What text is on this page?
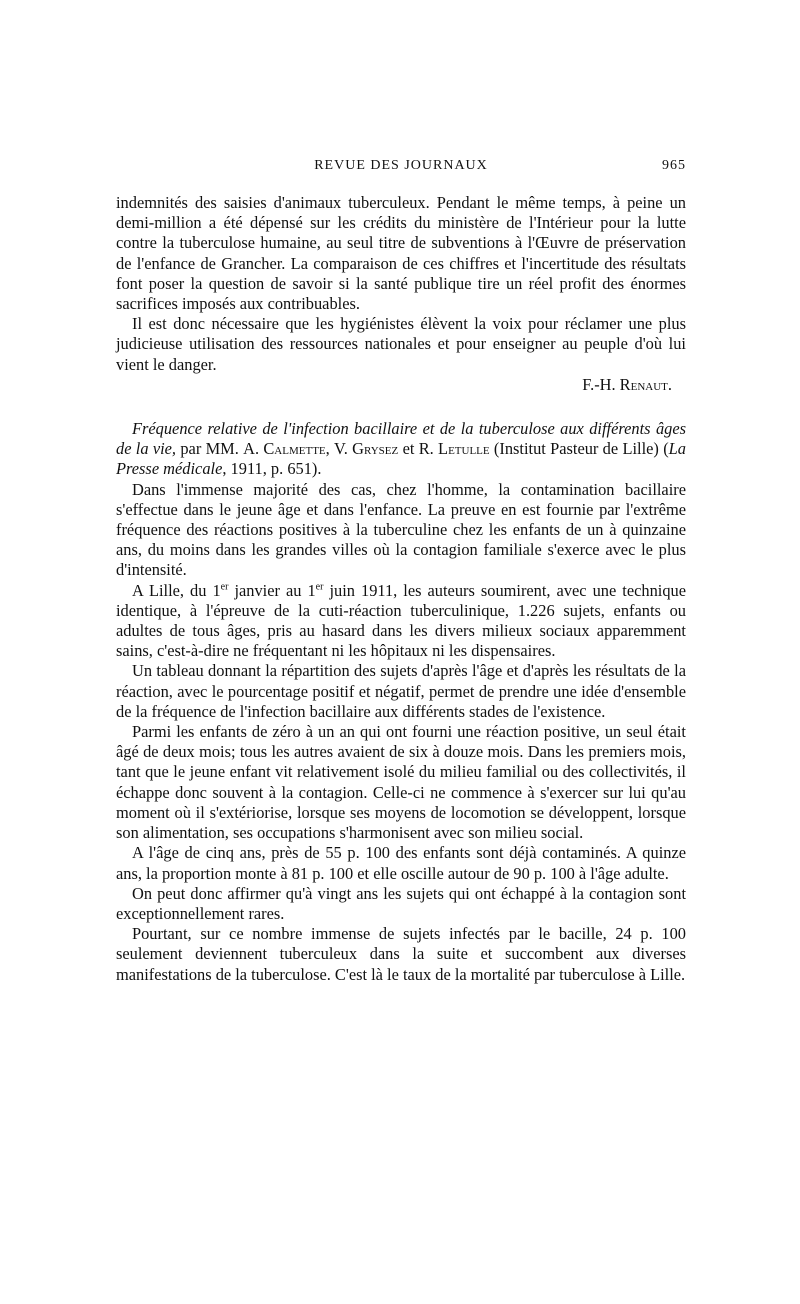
REVUE DES JOURNAUX	965

indemnités des saisies d'animaux tuberculeux. Pendant le même temps, à peine un demi-million a été dépensé sur les crédits du ministère de l'Intérieur pour la lutte contre la tuberculose humaine, au seul titre de subventions à l'Œuvre de préservation de l'enfance de Grancher. La comparaison de ces chiffres et l'incertitude des résultats font poser la question de savoir si la santé publique tire un réel profit des énormes sacrifices imposés aux contribuables.

Il est donc nécessaire que les hygiénistes élèvent la voix pour réclamer une plus judicieuse utilisation des ressources nationales et pour enseigner au peuple d'où lui vient le danger.

F.-H. Renaut.

Fréquence relative de l'infection bacillaire et de la tuberculose aux différents âges de la vie, par MM. A. Calmette, V. Grysez et R. Letulle (Institut Pasteur de Lille) (La Presse médicale, 1911, p. 651).

Dans l'immense majorité des cas, chez l'homme, la contamination bacillaire s'effectue dans le jeune âge et dans l'enfance. La preuve en est fournie par l'extrême fréquence des réactions positives à la tuberculine chez les enfants de un à quinzaine ans, du moins dans les grandes villes où la contagion familiale s'exerce avec le plus d'intensité.

A Lille, du 1er janvier au 1er juin 1911, les auteurs soumirent, avec une technique identique, à l'épreuve de la cuti-réaction tuberculinique, 1.226 sujets, enfants ou adultes de tous âges, pris au hasard dans les divers milieux sociaux apparemment sains, c'est-à-dire ne fréquentant ni les hôpitaux ni les dispensaires.

Un tableau donnant la répartition des sujets d'après l'âge et d'après les résultats de la réaction, avec le pourcentage positif et négatif, permet de prendre une idée d'ensemble de la fréquence de l'infection bacillaire aux différents stades de l'existence.

Parmi les enfants de zéro à un an qui ont fourni une réaction positive, un seul était âgé de deux mois; tous les autres avaient de six à douze mois. Dans les premiers mois, tant que le jeune enfant vit relativement isolé du milieu familial ou des collectivités, il échappe donc souvent à la contagion. Celle-ci ne commence à s'exercer sur lui qu'au moment où il s'extériorise, lorsque ses moyens de locomotion se développent, lorsque son alimentation, ses occupations s'harmonisent avec son milieu social.

A l'âge de cinq ans, près de 55 p. 100 des enfants sont déjà contaminés. A quinze ans, la proportion monte à 81 p. 100 et elle oscille autour de 90 p. 100 à l'âge adulte.

On peut donc affirmer qu'à vingt ans les sujets qui ont échappé à la contagion sont exceptionnellement rares.

Pourtant, sur ce nombre immense de sujets infectés par le bacille, 24 p. 100 seulement deviennent tuberculeux dans la suite et succombent aux diverses manifestations de la tuberculose. C'est là le taux de la mortalité par tuberculose à Lille.
